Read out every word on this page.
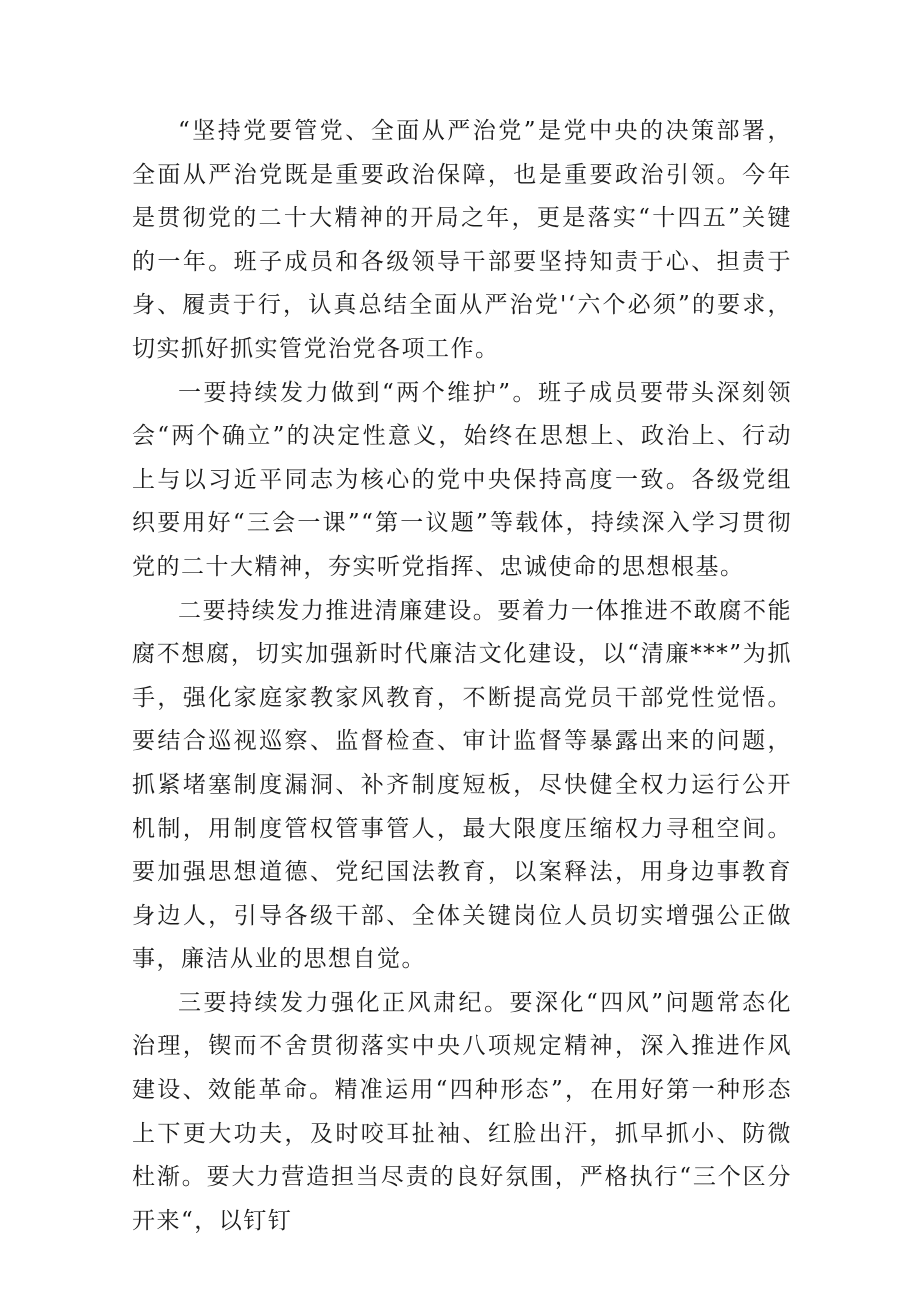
“坚持党要管党、全面从严治党”是党中央的决策部署，全面从严治党既是重要政治保障，也是重要政治引领。今年是贯彻党的二十大精神的开局之年，更是落实“十四五”关键的一年。班子成员和各级领导干部要坚持知责于心、担责于身、履责于行，认真总结全面从严治党'‘六个必须”的要求，切实抓好抓实管党治党各项工作。

一要持续发力做到“两个维护”。班子成员要带头深刻领会“两个确立”的决定性意义，始终在思想上、政治上、行动上与以习近平同志为核心的党中央保持高度一致。各级党组织要用好“三会一课”“第一议题”等载体，持续深入学习贯彻党的二十大精神，夯实听党指挥、忠诚使命的思想根基。

二要持续发力推进清廉建设。要着力一体推进不敢腐不能腐不想腐，切实加强新时代廉洁文化建设，以“清廉***”为抓手，强化家庭家教家风教育，不断提高党员干部党性觉悟。要结合巡视巡察、监督检查、审计监督等暴露出来的问题，抓紧堵塞制度漏洞、补齐制度短板，尽快健全权力运行公开机制，用制度管权管事管人，最大限度压缩权力寻租空间。要加强思想道德、党纪国法教育，以案释法，用身边事教育身边人，引导各级干部、全体关键岗位人员切实增强公正做事，廉洁从业的思想自觉。

三要持续发力强化正风肃纪。要深化“四风”问题常态化治理，锲而不舍贯彻落实中央八项规定精神，深入推进作风建设、效能革命。精准运用“四种形态”，在用好第一种形态上下更大功夫，及时咬耳扯袖、红脸出汗，抓早抓小、防微杜渐。要大力营造担当尽责的良好氛围，严格执行“三个区分开来“，以钉钉
